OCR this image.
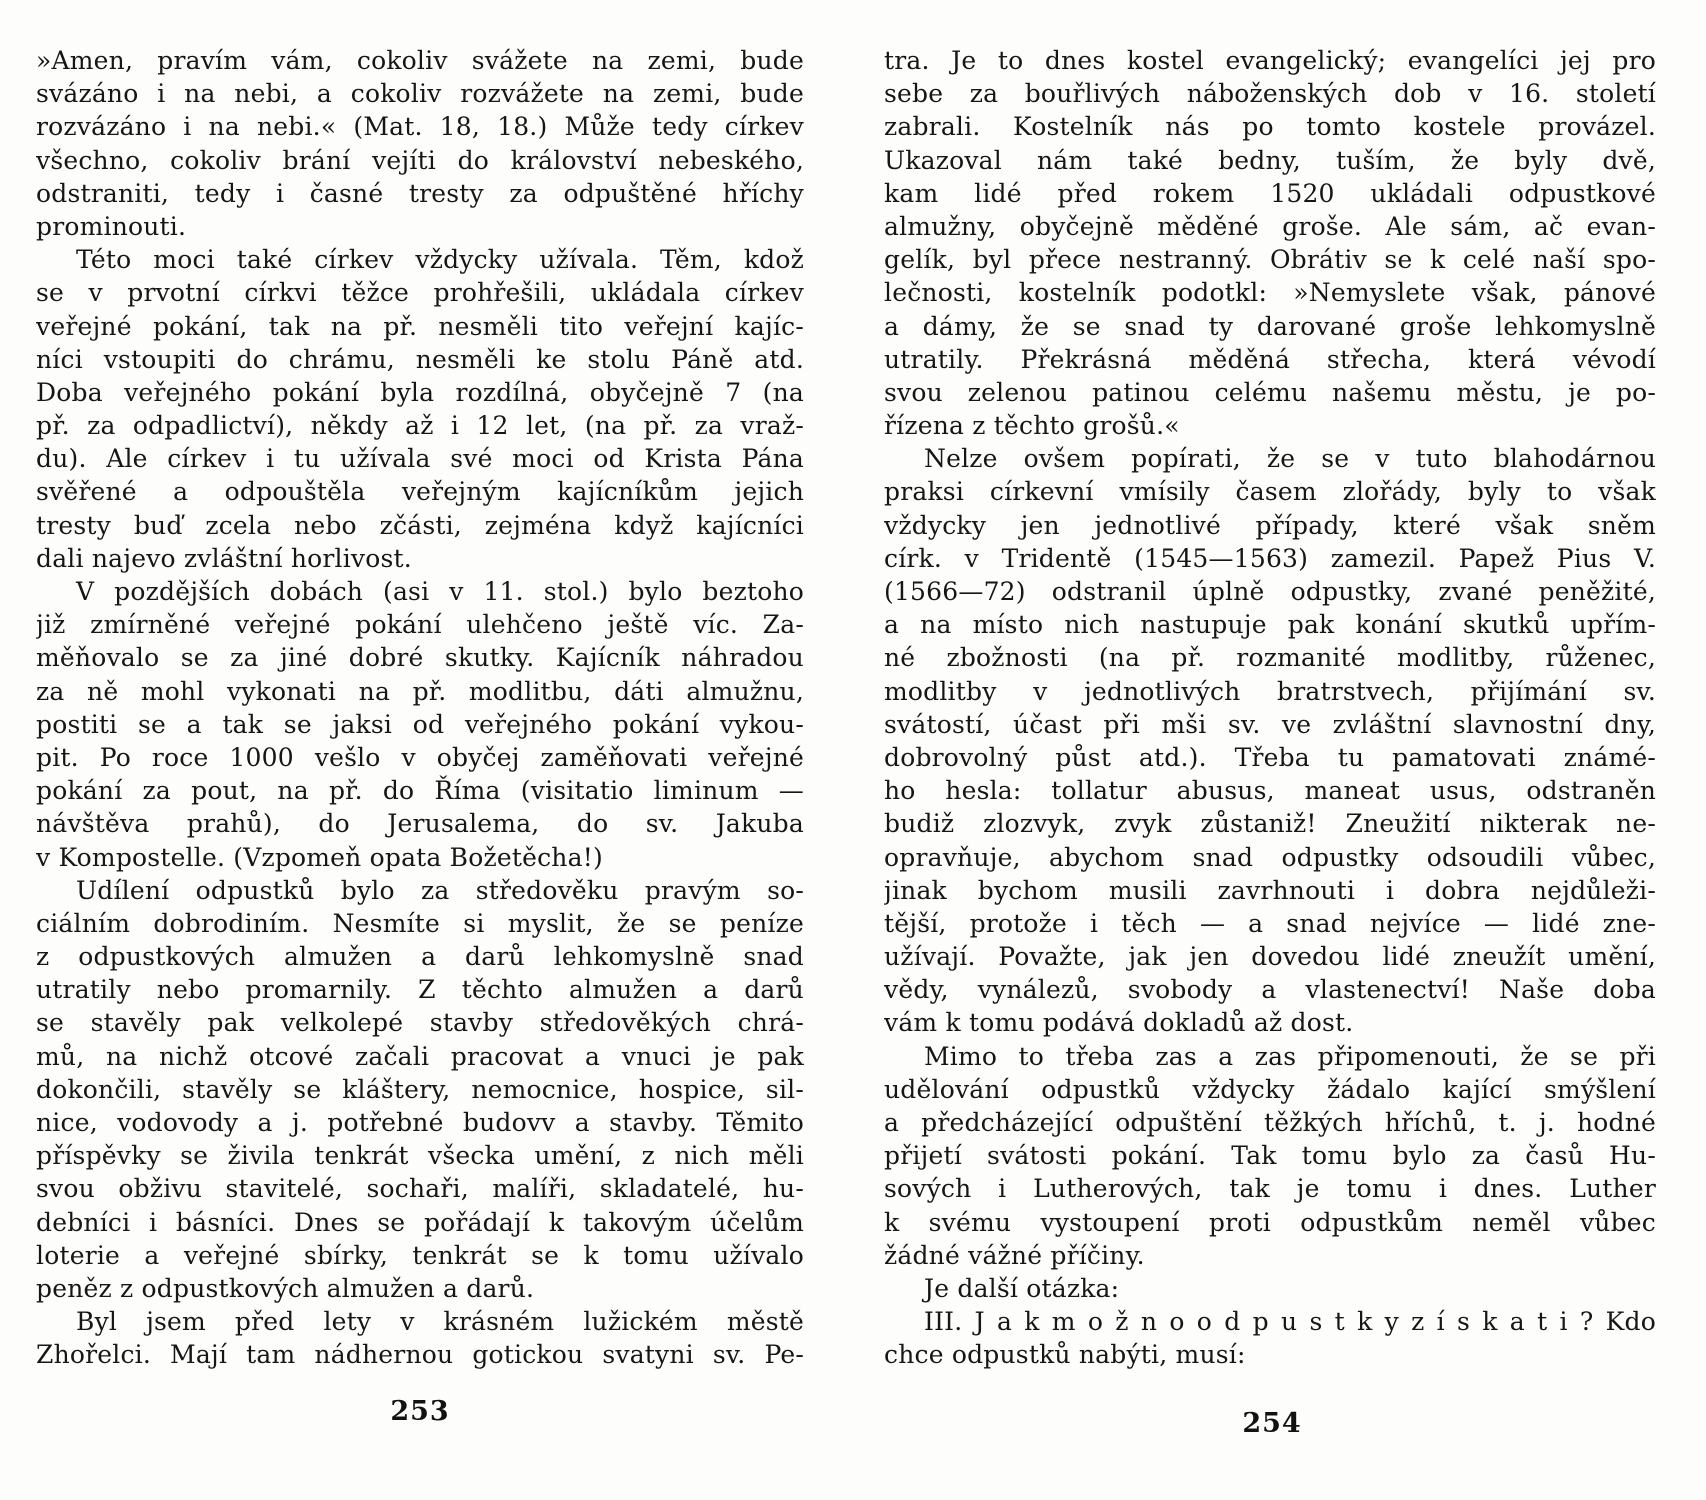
»Amen, pravím vám, cokoliv svážete na zemi, bude
svázáno i na nebi, a cokoliv rozvážete na zemi, bude
rozvázáno i na nebi.« (Mat. 18, 18.) Může tedy církev
všechno, cokoliv brání vejíti do království nebeského,
odstraniti, tedy i časné tresty za odpuštěné hříchy
prominouti.
Této moci také církev vždycky užívala. Těm, kdož
se v prvotní církvi těžce prohřešili, ukládala církev
veřejné pokání, tak na př. nesměli tito veřejní kajíc-
níci vstoupiti do chrámu, nesměli ke stolu Páně atd.
Doba veřejného pokání byla rozdílná, obyčejně 7 (na
př. za odpadlictví), někdy až i 12 let, (na př. za vraž-
du). Ale církev i tu užívala své moci od Krista Pána
svěřené a odpouštěla veřejným kajícníkům jejich
tresty buď zcela nebo zčásti, zejména když kajícníci
dali najevo zvláštní horlivost.
V pozdějších dobách (asi v 11. stol.) bylo beztoho
již zmírněné veřejné pokání ulehčeno ještě víc. Za-
měňovalo se za jiné dobré skutky. Kajícník náhradou
za ně mohl vykonati na př. modlitbu, dáti almužnu,
postiti se a tak se jaksi od veřejného pokání vykou-
pit. Po roce 1000 vešlo v obyčej zaměňovati veřejné
pokání za pout, na př. do Říma (visitatio liminum —
návštěva prahů), do Jerusalema, do sv. Jakuba
v Kompostelle. (Vzpomeň opata Božetěcha!)
Udílení odpustků bylo za středověku pravým so-
ciálním dobrodiním. Nesmíte si myslit, že se peníze
z odpustkových almužen a darů lehkomyslně snad
utratily nebo promarnily. Z těchto almužen a darů
se stavěly pak velkolepé stavby středověkých chrá-
mů, na nichž otcové začali pracovat a vnuci je pak
dokončili, stavěly se kláštery, nemocnice, hospice, sil-
nice, vodovody a j. potřebné budovv a stavby. Těmito
příspěvky se živila tenkrát všecka umění, z nich měli
svou obživu stavitelé, sochaři, malíři, skladatelé, hu-
debníci i básníci. Dnes se pořádají k takovým účelům
loterie a veřejné sbírky, tenkrát se k tomu užívalo
peněz z odpustkových almužen a darů.
Byl jsem před lety v krásném lužickém městě
Zhořelci. Mají tam nádhernou gotickou svatyni sv. Pe-
tra. Je to dnes kostel evangelický; evangelíci jej pro
sebe za bouřlivých náboženských dob v 16. století
zabrali. Kostelník nás po tomto kostele provázel.
Ukazoval nám také bedny, tuším, že byly dvě,
kam lidé před rokem 1520 ukládali odpustkové
almužny, obyčejně měděné groše. Ale sám, ač evan-
gelík, byl přece nestranný. Obrátiv se k celé naší spo-
lečnosti, kostelník podotkl: »Nemyslete však, pánové
a dámy, že se snad ty darované groše lehkomyslně
utratily. Překrásná měděná střecha, která vévodí
svou zelenou patinou celému našemu městu, je po-
řízena z těchto grošů.«
Nelze ovšem popírati, že se v tuto blahodárnou
praksi církevní vmísily časem zlořády, byly to však
vždycky jen jednotlivé případy, které však sněm
círk. v Tridentě (1545—1563) zamezil. Papež Pius V.
(1566—72) odstranil úplně odpustky, zvané peněžité,
a na místo nich nastupuje pak konání skutků upřím-
né zbožnosti (na př. rozmanité modlitby, růženec,
modlitby v jednotlivých bratrstvech, přijímání sv.
svátostí, účast při mši sv. ve zvláštní slavnostní dny,
dobrovolný půst atd.). Třeba tu pamatovati známé-
ho hesla: tollatur abusus, maneat usus, odstraněn
budiž zlozvyk, zvyk zůstaniž! Zneužití nikterak ne-
opravňuje, abychom snad odpustky odsoudili vůbec,
jinak bychom musili zavrhnouti i dobra nejdůleži-
tější, protože i těch — a snad nejvíce — lidé zne-
užívají. Považte, jak jen dovedou lidé zneužít umění,
vědy, vynálezů, svobody a vlastenectví! Naše doba
vám k tomu podává dokladů až dost.
Mimo to třeba zas a zas připomenouti, že se při
udělování odpustků vždycky žádalo kající smýšlení
a předcházející odpuštění těžkých hříchů, t. j. hodné
přijetí svátosti pokání. Tak tomu bylo za časů Hu-
sových i Lutherových, tak je tomu i dnes. Luther
k svému vystoupení proti odpustkům neměl vůbec
žádné vážné příčiny.
Je další otázka:
III. J a k m o ž n o o d p u s t k y z í s k a t i ? Kdo
chce odpustků nabýti, musí:
253	254
